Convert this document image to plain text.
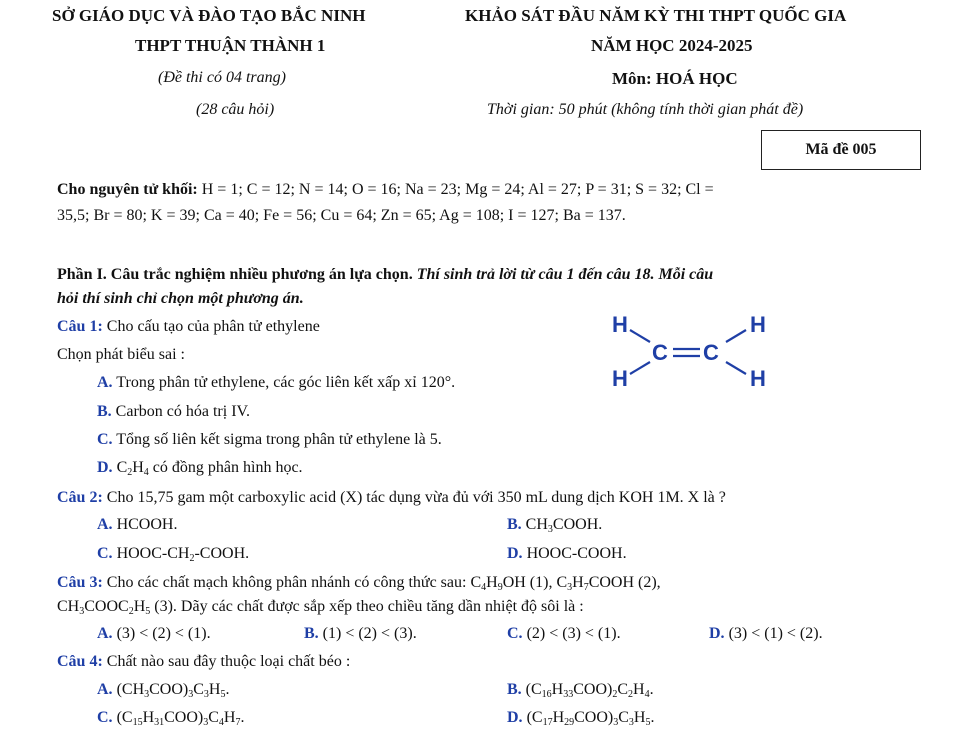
SỞ GIÁO DỤC VÀ ĐÀO TẠO BẮC NINH
THPT THUẬN THÀNH 1
(Đề thi có 04 trang)
(28 câu hỏi)
KHẢO SÁT ĐẦU NĂM KỲ THI THPT QUỐC GIA
NĂM HỌC 2024-2025
Môn: HOÁ HỌC
Thời gian: 50 phút (không tính thời gian phát đề)
Mã đề 005
Cho nguyên tử khối: H = 1; C = 12; N = 14; O = 16; Na = 23; Mg = 24; Al = 27; P = 31; S = 32; Cl =
35,5; Br = 80; K = 39; Ca = 40; Fe = 56; Cu = 64; Zn = 65; Ag = 108; I = 127; Ba = 137.
Phần I. Câu trắc nghiệm nhiều phương án lựa chọn. Thí sinh trả lời từ câu 1 đến câu 18. Mỗi câu
hỏi thí sinh chỉ chọn một phương án.
Câu 1: Cho cấu tạo của phân tử ethylene
Chọn phát biểu sai :
A. Trong phân tử ethylene, các góc liên kết xấp xỉ 120°.
B. Carbon có hóa trị IV.
C. Tổng số liên kết sigma trong phân tử ethylene là 5.
D. $C_2H_4$ có đồng phân hình học.
H
H
H
H
C C
Câu 2: Cho 15,75 gam một carboxylic acid (X) tác dụng vừa đủ với 350 mL dung dịch KOH 1M. X là ?
A. HCOOH.	B. $CH_3COOH$.
C. HOOC-$CH_2$-COOH.	D. HOOC-COOH.
Câu 3: Cho các chất mạch không phân nhánh có công thức sau: $C_4H_9OH$ (1), $C_3H_7COOH$ (2),
$CH_3COOC_2H_5$ (3). Dãy các chất được sắp xếp theo chiều tăng dần nhiệt độ sôi là :
A. (3) < (2) < (1).	B. (1) < (2) < (3).	C. (2) < (3) < (1).	D. (3) < (1) < (2).
Câu 4: Chất nào sau đây thuộc loại chất béo :
A. $(CH_3COO)_3C_3H_5$.	B. $(C_{16}H_{33}COO)_2C_2H_4$.
C. $(C_{15}H_{31}COO)_3C_4H_7$.	D. $(C_{17}H_{29}COO)_3C_3H_5$.
